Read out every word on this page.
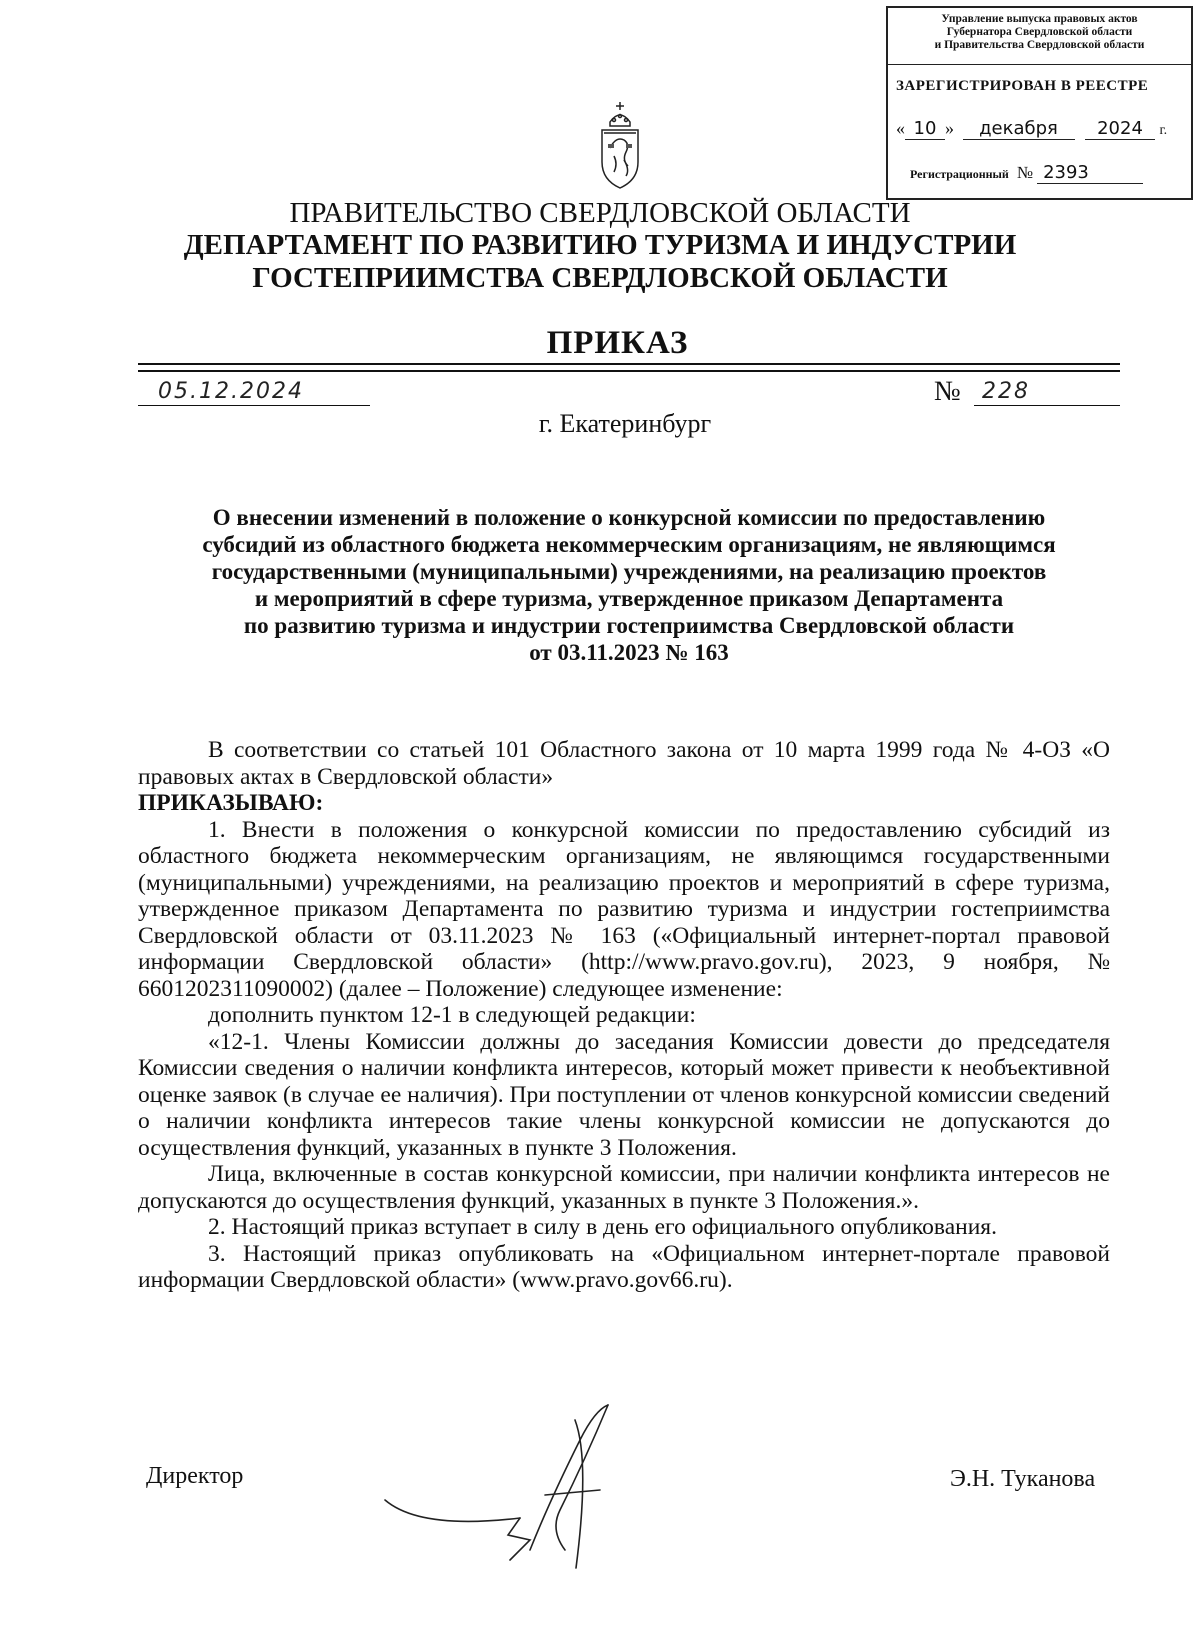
Управление выпуска правовых актов
Губернатора Свердловской области
и Правительства Свердловской области
ЗАРЕГИСТРИРОВАН В РЕЕСТРЕ
« 10 » декабря 2024 г.
Регистрационный № 2393
ПРАВИТЕЛЬСТВО СВЕРДЛОВСКОЙ ОБЛАСТИ
ДЕПАРТАМЕНТ ПО РАЗВИТИЮ ТУРИЗМА И ИНДУСТРИИ
ГОСТЕПРИИМСТВА СВЕРДЛОВСКОЙ ОБЛАСТИ
ПРИКАЗ
05.12.2024	№ 228
г. Екатеринбург
О внесении изменений в положение о конкурсной комиссии по предоставлению
субсидий из областного бюджета некоммерческим организациям, не являющимся
государственными (муниципальными) учреждениями, на реализацию проектов
и мероприятий в сфере туризма, утвержденное приказом Департамента
по развитию туризма и индустрии гостеприимства Свердловской области
от 03.11.2023 № 163

В соответствии со статьей 101 Областного закона от 10 марта 1999 года № 4-ОЗ «О правовых актах в Свердловской области»

ПРИКАЗЫВАЮ:

1. Внести в положения о конкурсной комиссии по предоставлению субсидий из областного бюджета некоммерческим организациям, не являющимся государственными (муниципальными) учреждениями, на реализацию проектов и мероприятий в сфере туризма, утвержденное приказом Департамента по развитию туризма и индустрии гостеприимства Свердловской области от 03.11.2023 № 163 («Официальный интернет-портал правовой информации Свердловской области» (http://www.pravo.gov.ru), 2023, 9 ноября, № 6601202311090002) (далее – Положение) следующее изменение:

дополнить пунктом 12-1 в следующей редакции:

«12-1. Члены Комиссии должны до заседания Комиссии довести до председателя Комиссии сведения о наличии конфликта интересов, который может привести к необъективной оценке заявок (в случае ее наличия). При поступлении от членов конкурсной комиссии сведений о наличии конфликта интересов такие члены конкурсной комиссии не допускаются до осуществления функций, указанных в пункте 3 Положения.

Лица, включенные в состав конкурсной комиссии, при наличии конфликта интересов не допускаются до осуществления функций, указанных в пункте 3 Положения.».

2. Настоящий приказ вступает в силу в день его официального опубликования.

3. Настоящий приказ опубликовать на «Официальном интернет-портале правовой информации Свердловской области» (www.pravo.gov66.ru).

Директор	Э.Н. Туканова
